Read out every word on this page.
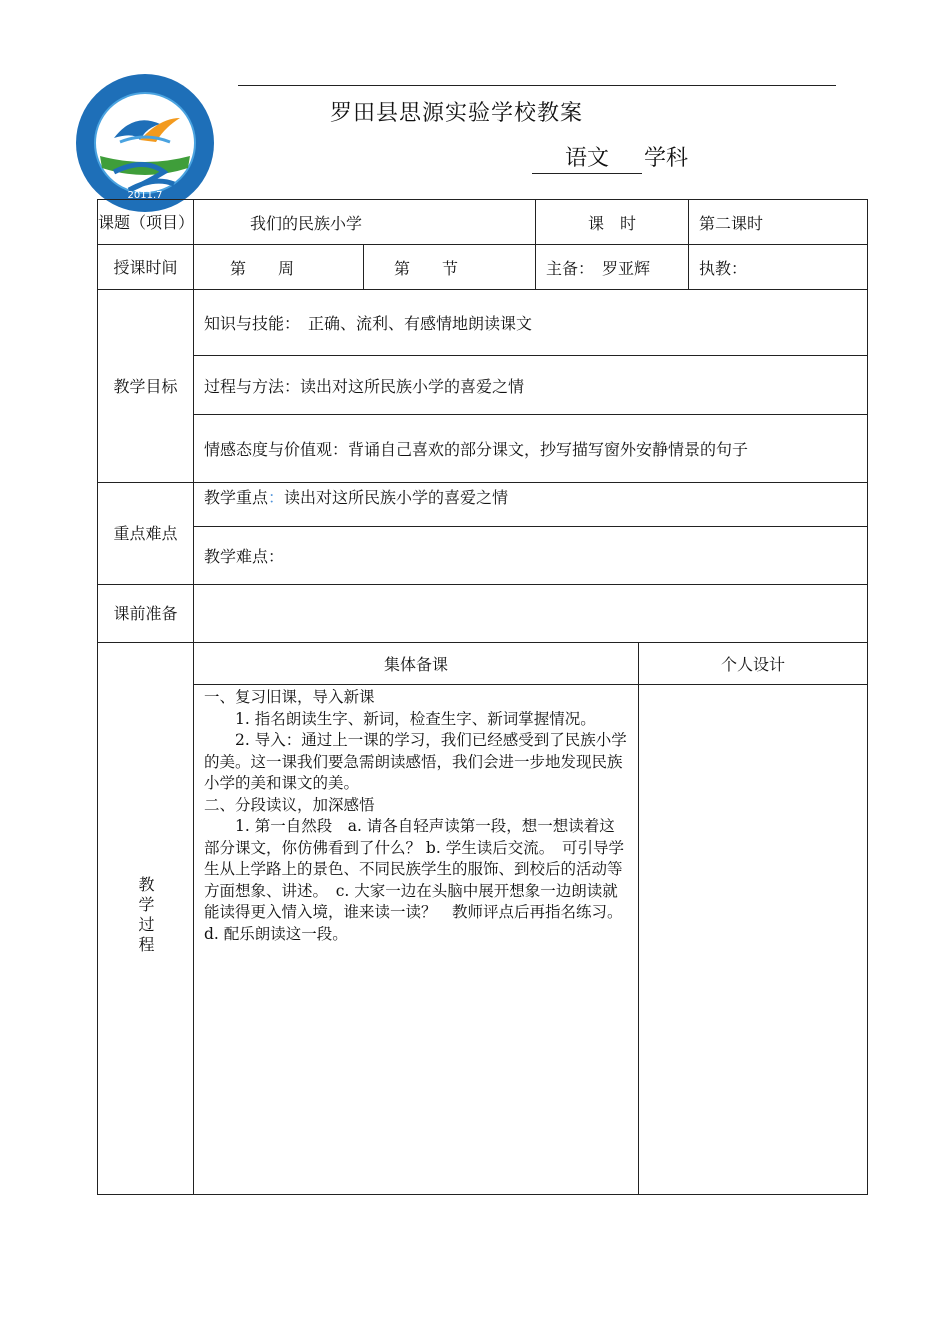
2011.7
罗田县思源实验学校教案
语文 学科
课题（项目）	我们的民族小学		课　时		第二课时
授课时间	第　　周	第　　节	主备：　罗亚辉		执教：
教学目标	知识与技能：　正确、流利、有感情地朗读课文				
	过程与方法：读出对这所民族小学的喜爱之情				
	情感态度与价值观：背诵自己喜欢的部分课文，抄写描写窗外安静情景的句子				
重点难点	教学重点：读出对这所民族小学的喜爱之情				
	教学难点：				
课前准备					
教学过程	集体备课			个人设计	

	一、复习旧课，导入新课

1. 指名朗读生字、新词，检查生字、新词掌握情况。

2. 导入：通过上一课的学习，我们已经感受到了民族小学的美。这一课我们要急需朗读感悟，我们会进一步地发现民族小学的美和课文的美。

二、分段读议，加深感悟

1. 第一自然段　a. 请各自轻声读第一段，想一想读着这部分课文，你仿佛看到了什么？ b. 学生读后交流。　可引导学生从上学路上的景色、不同民族学生的服饰、到校后的活动等方面想象、讲述。　c. 大家一边在头脑中展开想象一边朗读就能读得更入情入境，谁来读一读？　教师评点后再指名练习。 d. 配乐朗读这一段。				
